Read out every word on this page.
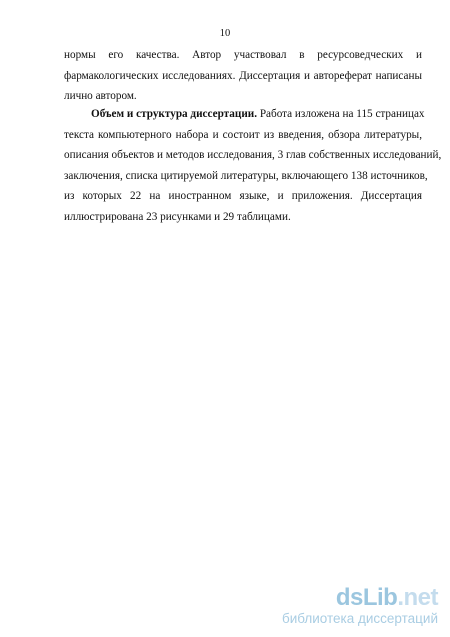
10
нормы его качества. Автор участвовал в ресурсоведческих и
фармакологических исследованиях. Диссертация и автореферат написаны
лично автором.
Объем и структура диссертации. Работа изложена на 115 страницах
текста компьютерного набора и состоит из введения, обзора литературы,
описания объектов и методов исследования, 3 глав собственных исследований,
заключения, списка цитируемой литературы, включающего 138 источников,
из которых 22 на иностранном языке, и приложения. Диссертация
иллюстрирована 23 рисунками и 29 таблицами.
dsLib.net
библиотека диссертаций
